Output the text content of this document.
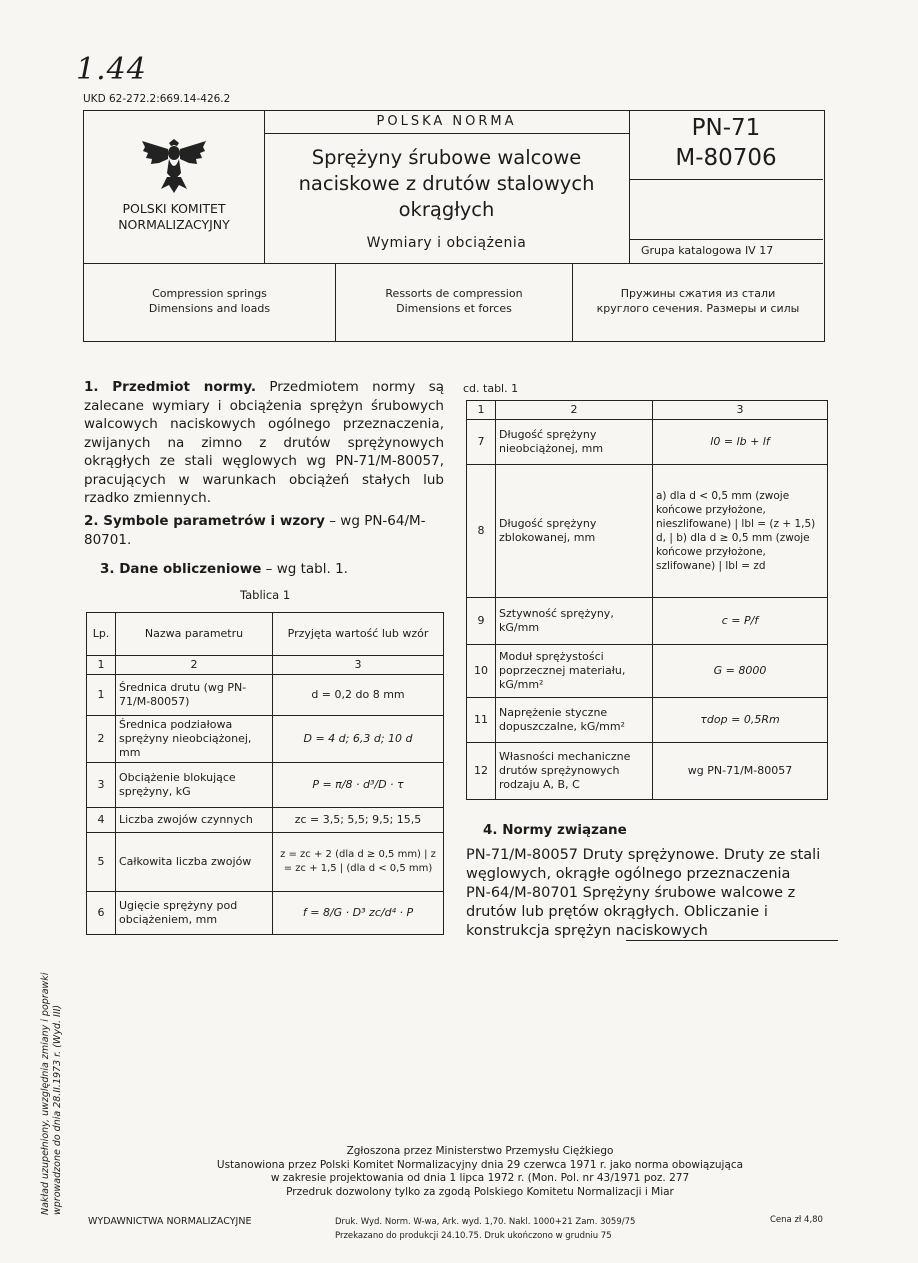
1.44
UKD 62-272.2:669.14-426.2
POLSKI KOMITET
NORMALIZACYJNY
POLSKA NORMA
Sprężyny śrubowe walcowe
naciskowe z drutów stalowych
okrągłych
Wymiary i obciążenia
PN-71
M-80706
Grupa katalogowa IV 17
Compression springs
Dimensions and loads
Ressorts de compression
Dimensions et forces
Пружины сжатия из стали
круглого сечения. Размеры и силы
1. Przedmiot normy. Przedmiotem normy są zalecane wymiary i obciążenia sprężyn śrubowych walcowych naciskowych ogólnego przeznaczenia, zwijanych na zimno z drutów sprężynowych okrągłych ze stali węglowych wg PN-71/M-80057, pracujących w warunkach obciążeń stałych lub rzadko zmiennych.
2. Symbole parametrów i wzory – wg PN-64/M-80701.
3. Dane obliczeniowe – wg tabl. 1.
Tablica 1
Lp.	Nazwa parametru	Przyjęta wartość lub wzór
1	2	3
1	Średnica drutu (wg PN-71/M-80057)	d = 0,2 do 8 mm
2	Średnica podziałowa sprężyny nieobciążonej, mm	D = 4 d; 6,3 d; 10 d
3	Obciążenie blokujące sprężyny, kG	P = π/8 · d³/D · τ
4	Liczba zwojów czynnych	zc = 3,5; 5,5; 9,5; 15,5
5	Całkowita liczba zwojów	z = zc + 2 (dla d ≥ 0,5 mm) | z = zc + 1,5 | (dla d < 0,5 mm)
6	Ugięcie sprężyny pod obciążeniem, mm	f = 8/G · D³ zc/d⁴ · P
cd. tabl. 1
1	2	3
7	Długość sprężyny nieobciążonej, mm	l0 = lb + lf
8	Długość sprężyny zblokowanej, mm	a) dla d < 0,5 mm (zwoje końcowe przyłożone, nieszlifowane) | lbl = (z + 1,5) d, | b) dla d ≥ 0,5 mm (zwoje końcowe przyłożone, szlifowane) | lbl = zd
9	Sztywność sprężyny, kG/mm	c = P/f
10	Moduł sprężystości poprzecznej materiału, kG/mm²	G = 8000
11	Naprężenie styczne dopuszczalne, kG/mm²	τdop = 0,5Rm
12	Własności mechaniczne drutów sprężynowych rodzaju A, B, C	wg PN-71/M-80057
4. Normy związane
PN-71/M-80057 Druty sprężynowe. Druty ze stali węglowych, okrągłe ogólnego przeznaczenia
PN-64/M-80701 Sprężyny śrubowe walcowe z drutów lub prętów okrągłych. Obliczanie i konstrukcja sprężyn naciskowych
Zgłoszona przez Ministerstwo Przemysłu Ciężkiego
Ustanowiona przez Polski Komitet Normalizacyjny dnia 29 czerwca 1971 r. jako norma obowiązująca
w zakresie projektowania od dnia 1 lipca 1972 r. (Mon. Pol. nr 43/1971 poz. 277
Przedruk dozwolony tylko za zgodą Polskiego Komitetu Normalizacji i Miar
WYDAWNICTWA NORMALIZACYJNE	Druk. Wyd. Norm. W-wa, Ark. wyd. 1,70. Nakl. 1000+21 Zam. 3059/75
Przekazano do produkcji 24.10.75. Druk ukończono w grudniu 75
Cena zł 4,80
Nakład uzupełniony, uwzględnia zmiany i poprawki wprowadzone do dnia 28.II.1973 r. (Wyd. III)
